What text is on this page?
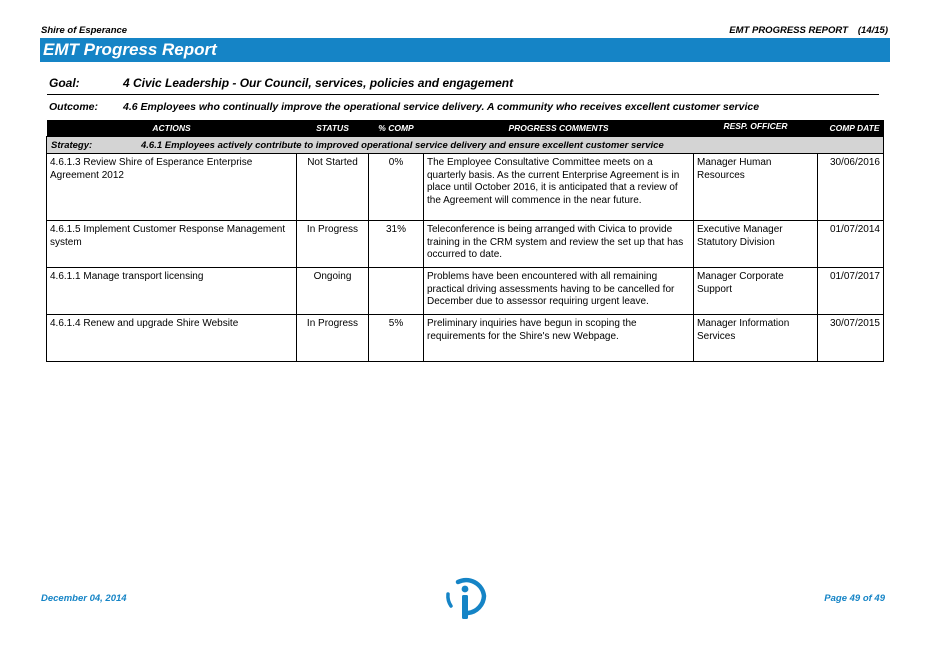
Shire of Esperance	EMT PROGRESS REPORT (14/15)
EMT Progress Report
Goal:	4 Civic Leadership - Our Council, services, policies and engagement
Outcome: 4.6 Employees who continually improve the operational service delivery. A community who receives excellent customer service
ACTIONS	STATUS	% COMP	PROGRESS COMMENTS	RESP. OFFICER	COMP DATE
Strategy: 4.6.1 Employees actively contribute to improved operational service delivery and ensure excellent customer service					
4.6.1.3 Review Shire of Esperance Enterprise Agreement 2012	Not Started	0%	The Employee Consultative Committee meets on a quarterly basis. As the current Enterprise Agreement is in place until October 2016, it is anticipated that a review of the Agreement will commence in the near future.	Manager Human Resources	30/06/2016
4.6.1.5 Implement Customer Response Management system	In Progress	31%	Teleconference is being arranged with Civica to provide training in the CRM system and review the set up that has occurred to date.	Executive Manager Statutory Division	01/07/2014
4.6.1.1 Manage transport licensing	Ongoing		Problems have been encountered with all remaining practical driving assessments having to be cancelled for December due to assessor requiring urgent leave.	Manager Corporate Support	01/07/2017
4.6.1.4 Renew and upgrade Shire Website	In Progress	5%	Preliminary inquiries have begun in scoping the requirements for the Shire's new Webpage.	Manager Information Services	30/07/2015
December 04, 2014	Page 49 of 49
